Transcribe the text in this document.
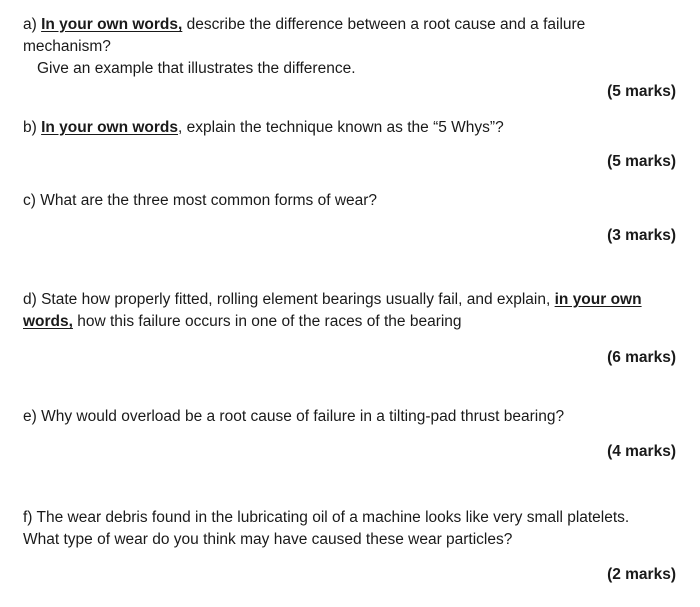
a) In your own words, describe the difference between a root cause and a failure
mechanism?
Give an example that illustrates the difference.
(5 marks)
b) In your own words, explain the technique known as the “5 Whys”?
(5 marks)
c) What are the three most common forms of wear?
(3 marks)
d) State how properly fitted, rolling element bearings usually fail, and explain, in your own
words, how this failure occurs in one of the races of the bearing
(6 marks)
e) Why would overload be a root cause of failure in a tilting-pad thrust bearing?
(4 marks)
f) The wear debris found in the lubricating oil of a machine looks like very small platelets.
What type of wear do you think may have caused these wear particles?
(2 marks)
